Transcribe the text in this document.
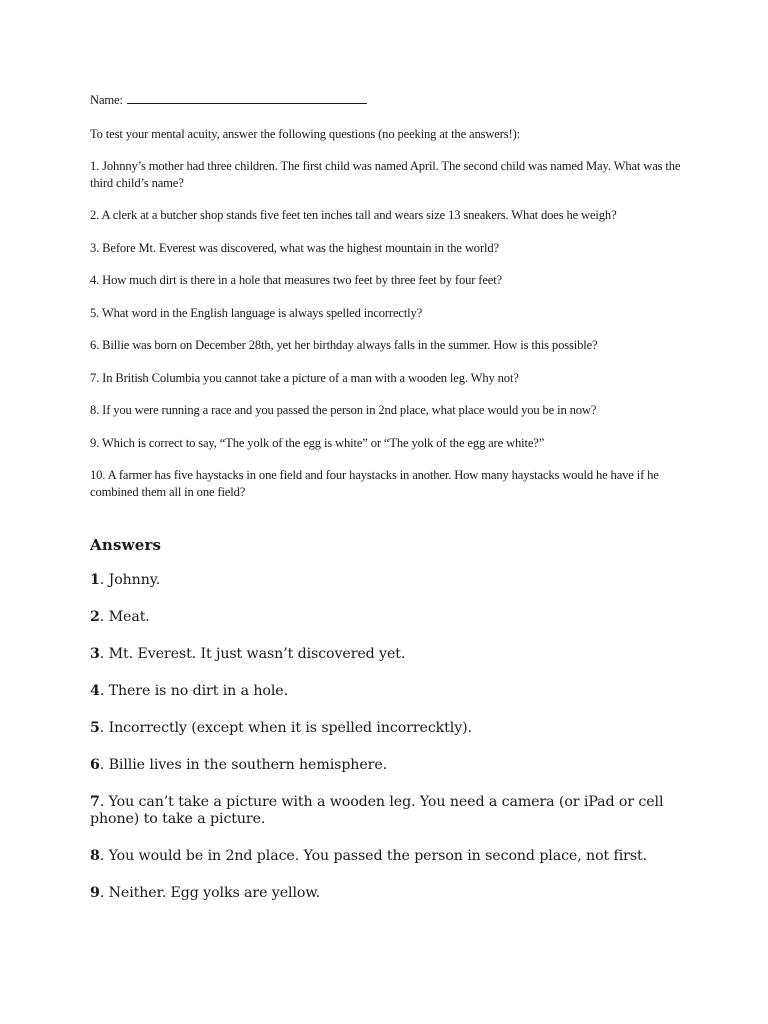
Name:

To test your mental acuity, answer the following questions (no peeking at the answers!):

1. Johnny’s mother had three children. The first child was named April. The second child was named May. What was the third child’s name?

2. A clerk at a butcher shop stands five feet ten inches tall and wears size 13 sneakers. What does he weigh?

3. Before Mt. Everest was discovered, what was the highest mountain in the world?

4. How much dirt is there in a hole that measures two feet by three feet by four feet?

5. What word in the English language is always spelled incorrectly?

6. Billie was born on December 28th, yet her birthday always falls in the summer. How is this possible?

7. In British Columbia you cannot take a picture of a man with a wooden leg. Why not?

8. If you were running a race and you passed the person in 2nd place, what place would you be in now?

9. Which is correct to say, “The yolk of the egg is white” or “The yolk of the egg are white?”

10. A farmer has five haystacks in one field and four haystacks in another. How many haystacks would he have if he combined them all in one field?

Answers

1. Johnny.

2. Meat.

3. Mt. Everest. It just wasn’t discovered yet.

4. There is no dirt in a hole.

5. Incorrectly (except when it is spelled incorrecktly).

6. Billie lives in the southern hemisphere.

7. You can’t take a picture with a wooden leg. You need a camera (or iPad or cell phone) to take a picture.

8. You would be in 2nd place. You passed the person in second place, not first.

9. Neither. Egg yolks are yellow.
